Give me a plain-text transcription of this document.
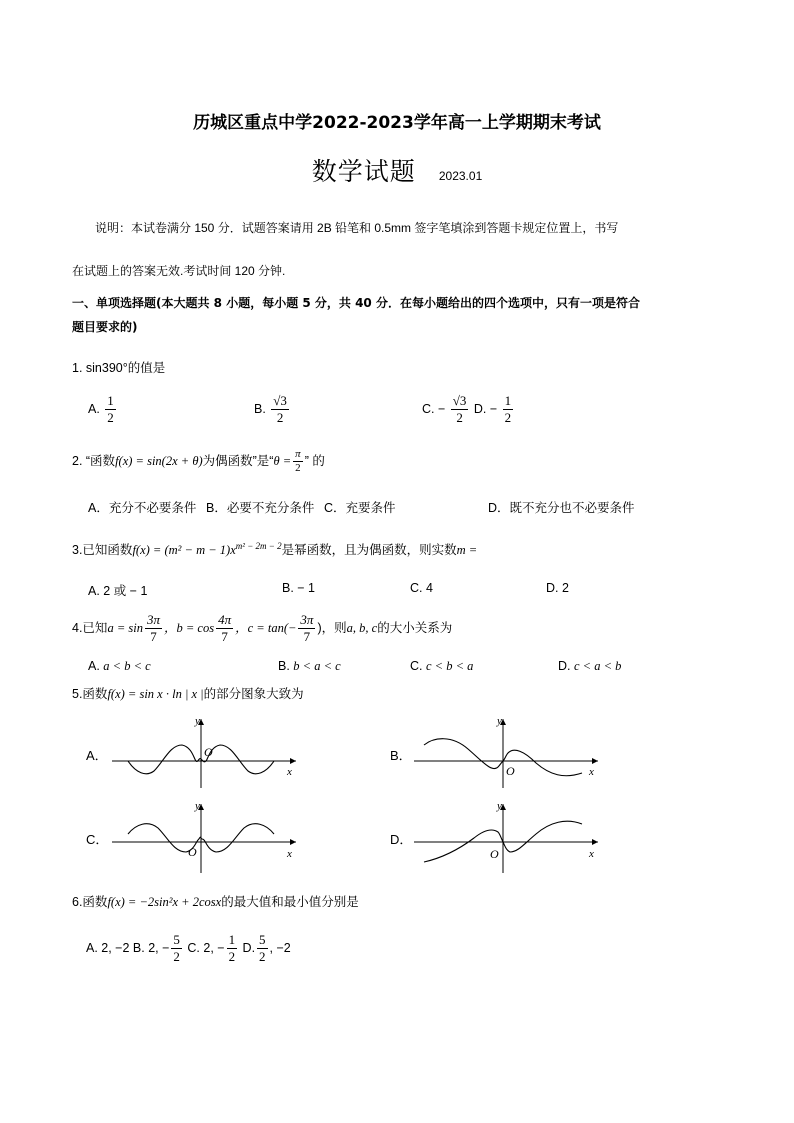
历城区重点中学2022-2023学年高一上学期期末考试
数学试题 2023.01
说明：本试卷满分 150 分．试题答案请用 2B 铅笔和 0.5mm 签字笔填涂到答题卡规定位置上，书写
在试题上的答案无效.考试时间 120 分钟.
一、单项选择题(本大题共 8 小题，每小题 5 分，共 40 分．在每小题给出的四个选项中，只有一项是符合
题目要求的)
1. sin390°的值是
A. $\frac{1}{2}$	B. $\frac{√3}{2}$	C. − $\frac{√3}{2} D$. − $\frac{1}{2}$
2. “函数f(x) = sin(2x + θ)为偶函数”是“$\theta = \frac{\pi}{2}$ ” 的
A．充分不必要条件 B．必要不充分条件 C．充要条件	D．既不充分也不必要条件
3.已知函数$f(x) = (m^2 - m - 1)x^{m^2 - 2m - 2}$是幂函数，且为偶函数，则实数m =
A. 2 或 − 1	B. − 1	C. 4	D. 2
4.已知$a = \sin \frac{3\pi}{7}$ ，$b = \cos \frac{4\pi}{7}$ ，$c = \tan(- \frac{3\pi}{7}$ )，则a, b, c的大小关系为
A. a < b < c	B. b < a < c	C. c < b < a	D. c < a < b
5.函数f(x) = sin x · ln | x |的部分图象大致为
A．	B．
C．	D．
y
O
x
y
O	x
y
O	x
y
O	x
6.函数f(x) = −2sin²x + 2cosx的最大值和最小值分别是
A. 2, −2 B. 2, − $\frac{5}{2} C$. 2, − $\frac{1}{2} D$. $\frac{5}{2}$ , −2
